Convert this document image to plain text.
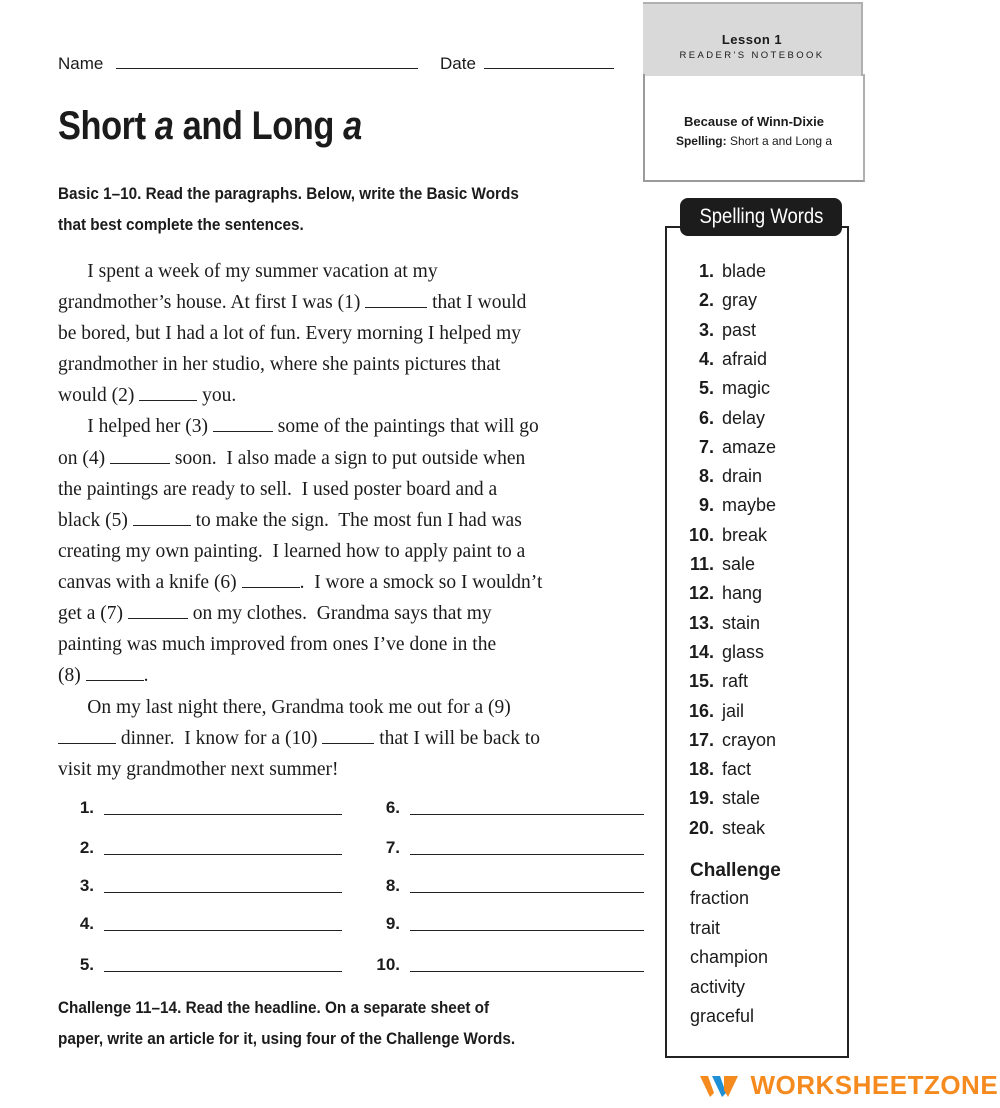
Name	Date
Lesson 1
READER'S NOTEBOOK
Because of Winn-Dixie
Spelling: Short a and Long a
Short a and Long a
Basic 1–10. Read the paragraphs. Below, write the Basic Words
that best complete the sentences.
I spent a week of my summer vacation at my
grandmother’s house. At first I was (1)	that I would
be bored, but I had a lot of fun. Every morning I helped my
grandmother in her studio, where she paints pictures that
would (2)	you.
I helped her (3)	some of the paintings that will go
on (4)	soon.  I also made a sign to put outside when
the paintings are ready to sell.  I used poster board and a
black (5)	to make the sign.  The most fun I had was
creating my own painting.  I learned how to apply paint to a
canvas with a knife (6)	.  I wore a smock so I wouldn’t
get a (7)	on my clothes.  Grandma says that my
painting was much improved from ones I’ve done in the
(8)	.
On my last night there, Grandma took me out for a (9)
dinner.  I know for a (10)	that I will be back to
visit my grandmother next summer!
1.	6.
2.	7.
3.	8.
4.	9.
5.	10.
Challenge 11–14. Read the headline. On a separate sheet of
paper, write an article for it, using four of the Challenge Words.
Spelling Words
1. blade
2. gray
3. past
4. afraid
5. magic
6. delay
7. amaze
8. drain
9. maybe
10. break
11. sale
12. hang
13. stain
14. glass
15. raft
16. jail
17. crayon
18. fact
19. stale
20. steak
Challenge
fraction
trait
champion
activity
graceful
WORKSHEETZONE
